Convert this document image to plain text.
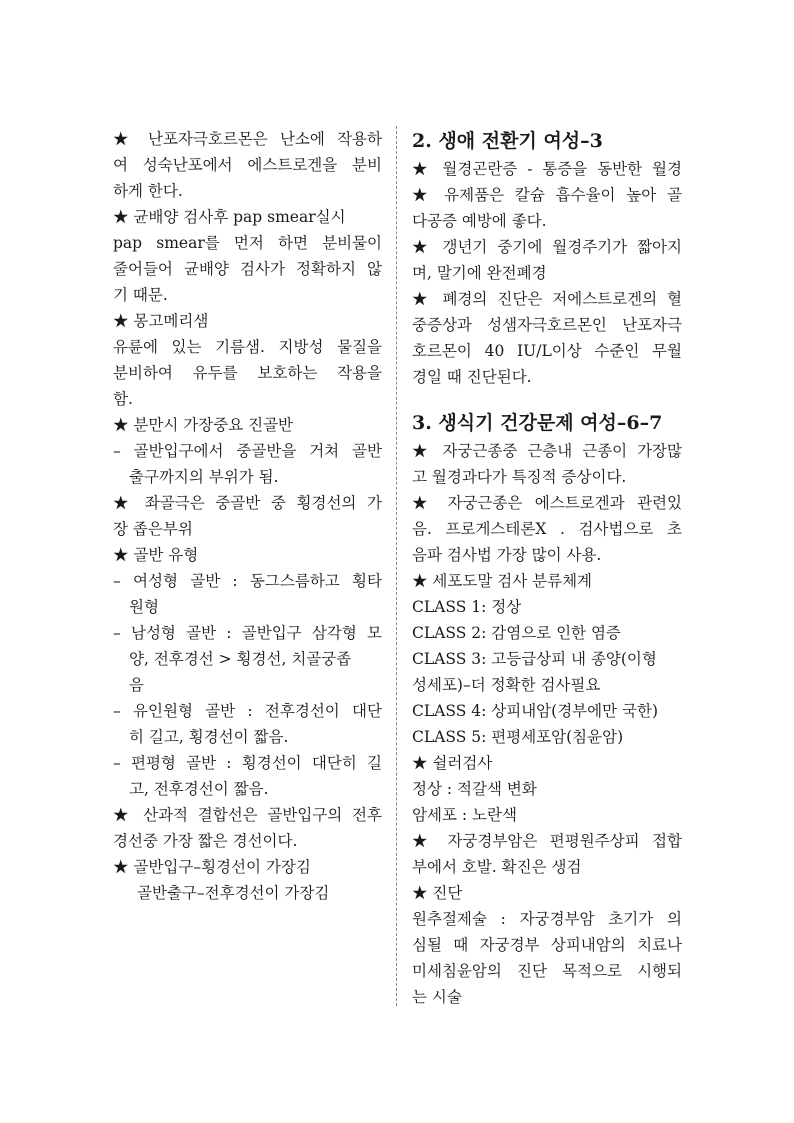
★ 난포자극호르몬은 난소에 작용하
여 성숙난포에서 에스트로겐을 분비
하게 한다.
★ 균배양 검사후 pap smear실시
pap smear를 먼저 하면 분비물이
줄어들어 균배양 검사가 정확하지 않
기 때문.
★ 몽고메리샘
유륜에 있는 기름샘. 지방성 물질을
분비하여 유두를 보호하는 작용을
함.
★ 분만시 가장중요 진골반
– 골반입구에서 중골반을 거쳐 골반
출구까지의 부위가 됨.
★ 좌골극은 중골반 중 횡경선의 가
장 좁은부위
★ 골반 유형
– 여성형 골반 : 동그스름하고 횡타
원형
– 남성형 골반 : 골반입구 삼각형 모
양, 전후경선 > 횡경선, 치골궁좁
음
– 유인원형 골반 : 전후경선이 대단
히 길고, 횡경선이 짧음.
– 편평형 골반 : 횡경선이 대단히 길
고, 전후경선이 짧음.
★ 산과적 결합선은 골반입구의 전후
경선중 가장 짧은 경선이다.
★ 골반입구–횡경선이 가장김
골반출구–전후경선이 가장김
2. 생애 전환기 여성–3
★ 월경곤란증 - 통증을 동반한 월경
★ 유제품은 칼슘 흡수율이 높아 골
다공증 예방에 좋다.
★ 갱년기 중기에 월경주기가 짧아지
며, 말기에 완전폐경
★ 폐경의 진단은 저에스트로겐의 혈
중증상과 성샘자극호르몬인 난포자극
호르몬이 40 IU/L이상 수준인 무월
경일 때 진단된다.
3. 생식기 건강문제 여성–6–7
★ 자궁근종중 근층내 근종이 가장많
고 월경과다가 특징적 증상이다.
★ 자궁근종은 에스트로겐과 관련있
음. 프로게스테론X . 검사법으로 초
음파 검사법 가장 많이 사용.
★ 세포도말 검사 분류체계
CLASS 1: 정상
CLASS 2: 감염으로 인한 염증
CLASS 3: 고등급상피 내 종양(이형
성세포)–더 정확한 검사필요
CLASS 4: 상피내암(경부에만 국한)
CLASS 5: 편평세포암(침윤암)
★ 쉴러검사
정상 : 적갈색 변화
암세포 : 노란색
★ 자궁경부암은 편평원주상피 접합
부에서 호발. 확진은 생검
★ 진단
원추절제술 : 자궁경부암 초기가 의
심될 때 자궁경부 상피내암의 치료나
미세침윤암의 진단 목적으로 시행되
는 시술
